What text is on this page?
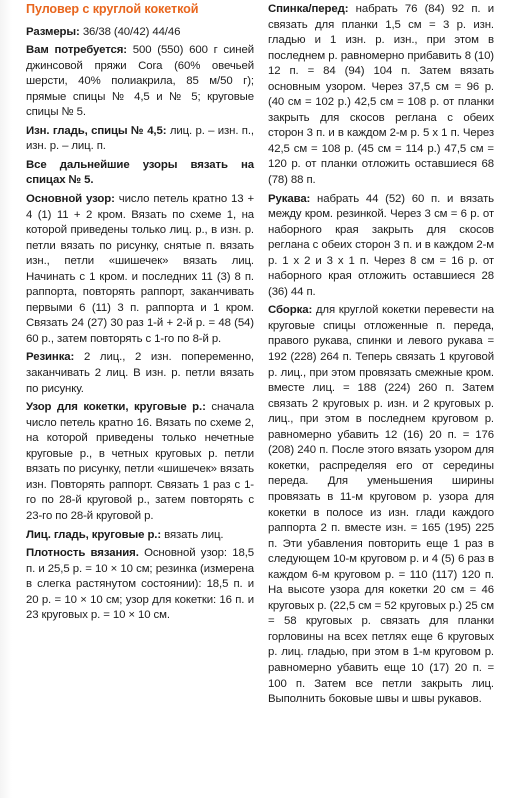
Пуловер с круглой кокеткой

Размеры: 36/38 (40/42) 44/46

Вам потребуется: 500 (550) 600 г синей джинсовой пряжи Cora (60% овечьей шерсти, 40% полиакрила, 85 м/50 г); прямые спицы № 4,5 и № 5; круговые спицы № 5.

Изн. гладь, спицы № 4,5: лиц. р. – изн. п., изн. р. – лиц. п.

Все дальнейшие узоры вязать на спицах № 5.

Основной узор: число петель кратно 13 + 4 (1) 11 + 2 кром. Вязать по схеме 1, на которой приведены только лиц. р., в изн. р. петли вязать по рисунку, снятые п. вязать изн., петли «шишечек» вязать лиц. Начинать с 1 кром. и последних 11 (3) 8 п. раппорта, повторять раппорт, заканчивать первыми 6 (11) 3 п. раппорта и 1 кром. Связать 24 (27) 30 раз 1-й + 2-й р. = 48 (54) 60 р., затем повторять с 1-го по 8-й р.

Резинка: 2 лиц., 2 изн. попеременно, заканчивать 2 лиц. В изн. р. петли вязать по рисунку.

Узор для кокетки, круговые р.: сначала число петель кратно 16. Вязать по схеме 2, на которой приведены только нечетные круговые р., в четных круговых р. петли вязать по рисунку, петли «шишечек» вязать изн. Повторять раппорт. Связать 1 раз с 1-го по 28-й круговой р., затем повторять с 23-го по 28-й круговой р.

Лиц. гладь, круговые р.: вязать лиц.

Плотность вязания. Основной узор: 18,5 п. и 25,5 р. = 10 × 10 см; резинка (измерена в слегка растянутом состоянии): 18,5 п. и 20 р. = 10 × 10 см; узор для кокетки: 16 п. и 23 круговых р. = 10 × 10 см.

Спинка/перед: набрать 76 (84) 92 п. и связать для планки 1,5 см = 3 р. изн. гладью и 1 изн. р. изн., при этом в последнем р. равномерно прибавить 8 (10) 12 п. = 84 (94) 104 п. Затем вязать основным узором. Через 37,5 см = 96 р. (40 см = 102 р.) 42,5 см = 108 р. от планки закрыть для скосов реглана с обеих сторон 3 п. и в каждом 2-м р. 5 х 1 п. Через 42,5 см = 108 р. (45 см = 114 р.) 47,5 см = 120 р. от планки отложить оставшиеся 68 (78) 88 п.

Рукава: набрать 44 (52) 60 п. и вязать между кром. резинкой. Через 3 см = 6 р. от наборного края закрыть для скосов реглана с обеих сторон 3 п. и в каждом 2-м р. 1 х 2 и 3 х 1 п. Через 8 см = 16 р. от наборного края отложить оставшиеся 28 (36) 44 п.

Сборка: для круглой кокетки перевести на круговые спицы отложенные п. переда, правого рукава, спинки и левого рукава = 192 (228) 264 п. Теперь связать 1 круговой р. лиц., при этом провязать смежные кром. вместе лиц. = 188 (224) 260 п. Затем связать 2 круговых р. изн. и 2 круговых р. лиц., при этом в последнем круговом р. равномерно убавить 12 (16) 20 п. = 176 (208) 240 п. После этого вязать узором для кокетки, распределяя его от середины переда. Для уменьшения ширины провязать в 11-м круговом р. узора для кокетки в полосе из изн. глади каждого раппорта 2 п. вместе изн. = 165 (195) 225 п. Эти убавления повторить еще 1 раз в следующем 10-м круговом р. и 4 (5) 6 раз в каждом 6-м круговом р. = 110 (117) 120 п. На высоте узора для кокетки 20 см = 46 круговых р. (22,5 см = 52 круговых р.) 25 см = 58 круговых р. связать для планки горловины на всех петлях еще 6 круговых р. лиц. гладью, при этом в 1-м круговом р. равномерно убавить еще 10 (17) 20 п. = 100 п. Затем все петли закрыть лиц. Выполнить боковые швы и швы рукавов.
